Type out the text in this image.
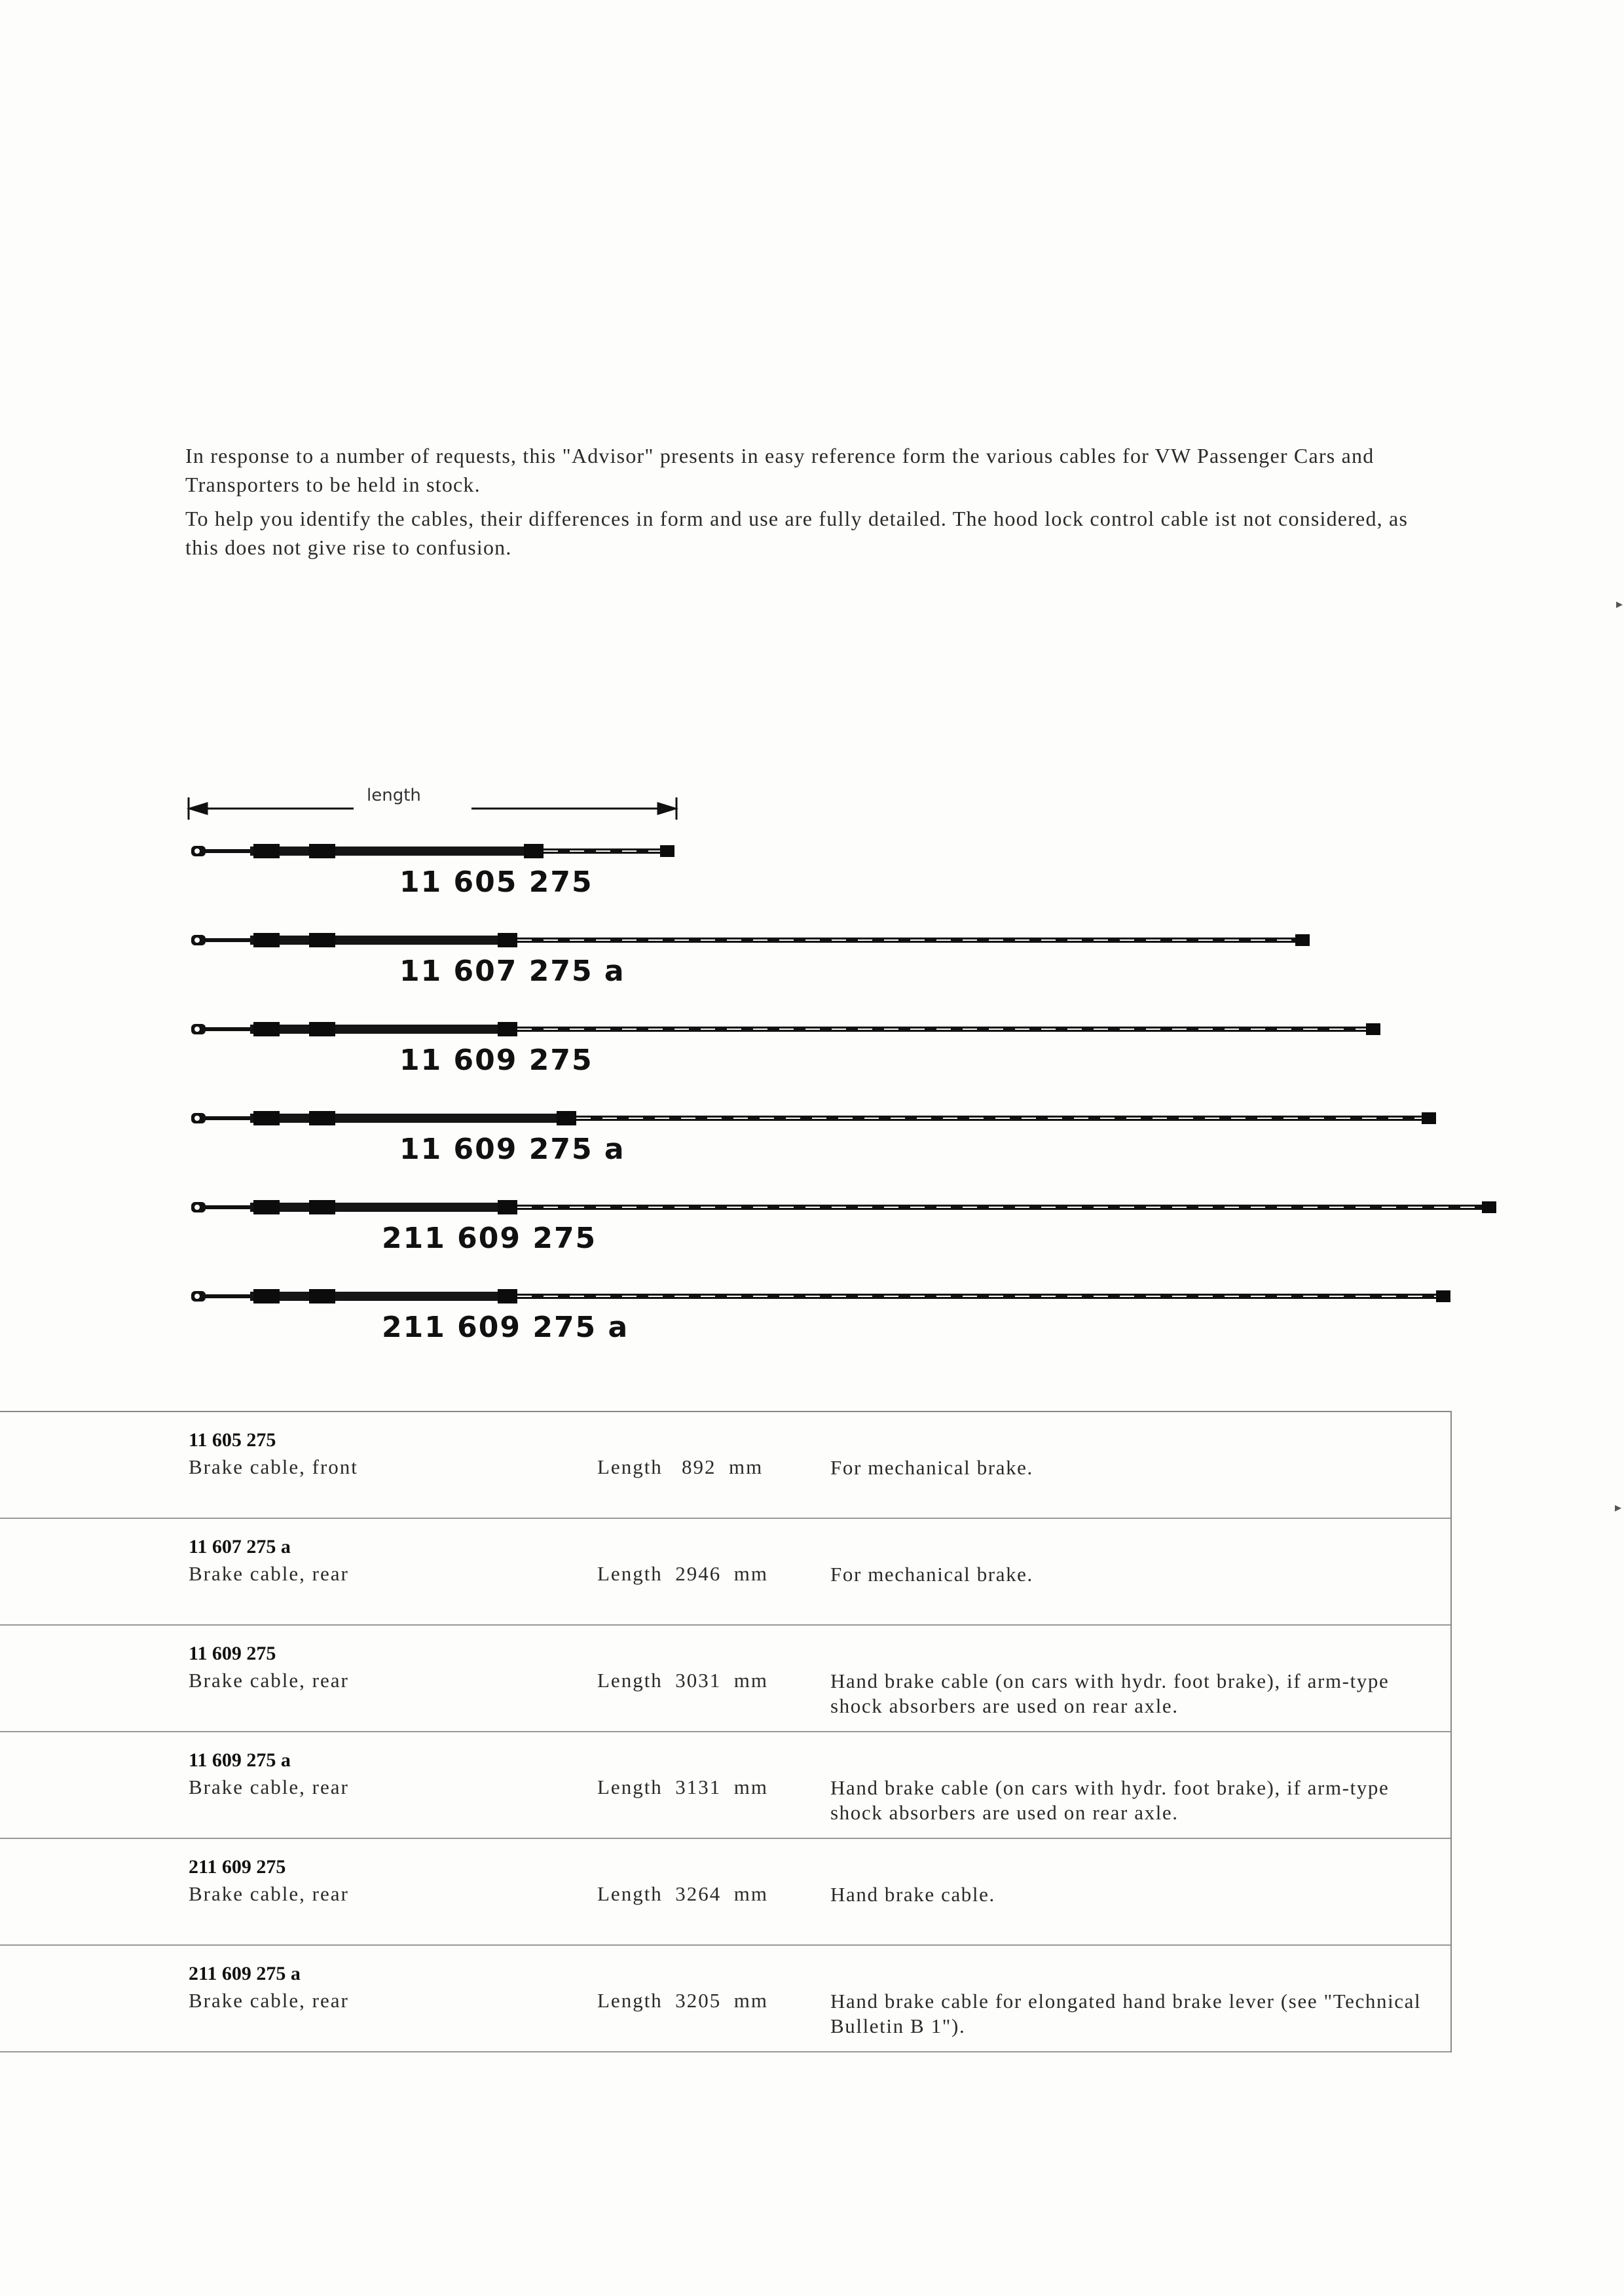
In response to a number of requests, this "Advisor" presents in easy reference form the various cables for VW Passenger Cars and Transporters to be held in stock.

To help you identify the cables, their differences in form and use are fully detailed. The hood lock control cable ist not considered, as this does not give rise to confusion.

length
11 605 275
11 607 275 a
11 609 275
11 609 275 a
211 609 275
211 609 275 a
11 605 275
Brake cable, front	Length   892  mm	For mechanical brake.
11 607 275 a
Brake cable, rear	Length  2946  mm	For mechanical brake.
11 609 275
Brake cable, rear	Length  3031  mm	Hand brake cable (on cars with hydr. foot brake), if arm-type shock absorbers are used on rear axle.
11 609 275 a
Brake cable, rear	Length  3131  mm	Hand brake cable (on cars with hydr. foot brake), if arm-type shock absorbers are used on rear axle.
211 609 275
Brake cable, rear	Length  3264  mm	Hand brake cable.
211 609 275 a
Brake cable, rear	Length  3205  mm	Hand brake cable for elongated hand brake lever (see "Technical Bulletin B 1").
▸
▸
